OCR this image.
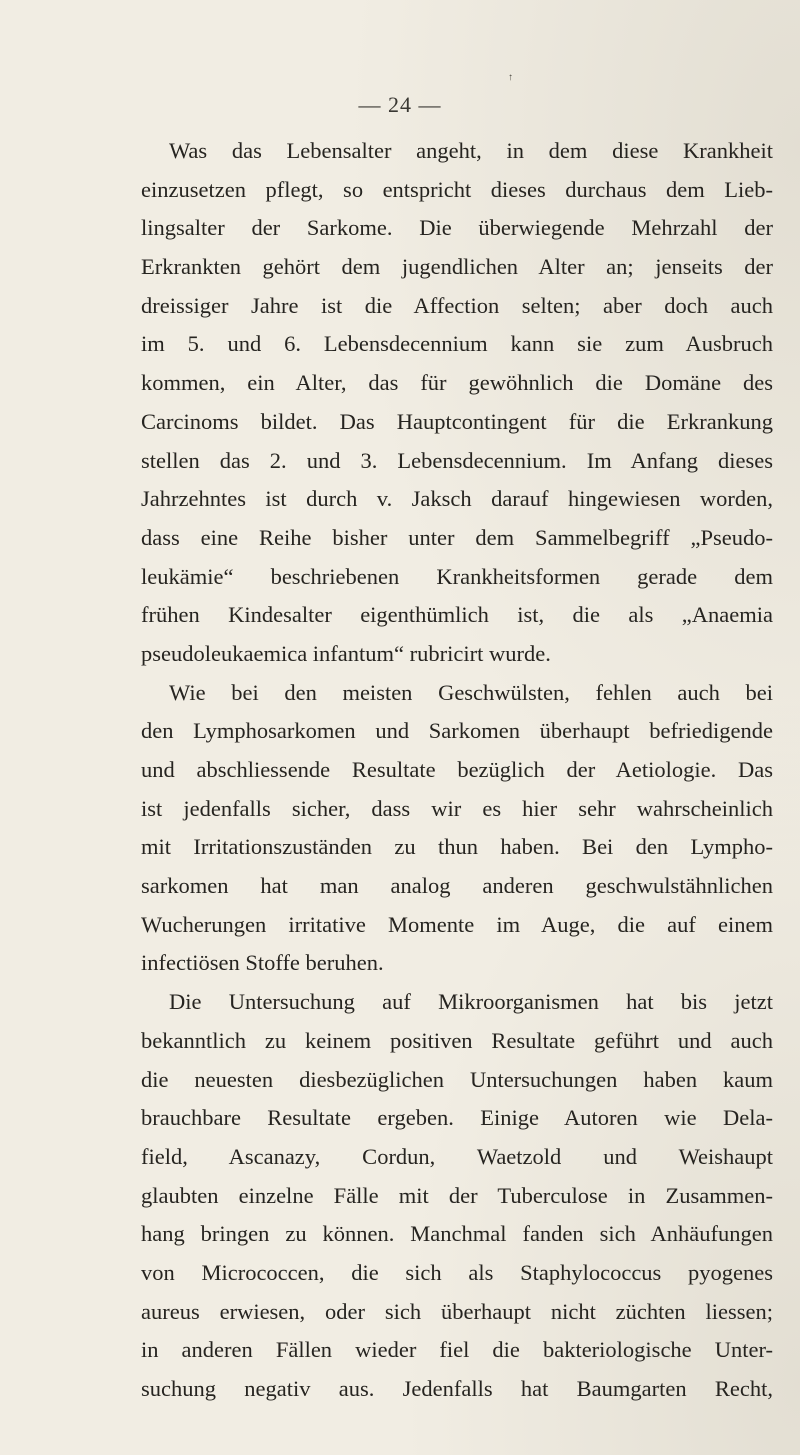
↑
— 24 —
Was das Lebensalter angeht, in dem diese Krankheit
einzusetzen pflegt, so entspricht dieses durchaus dem Lieb-
lingsalter der Sarkome. Die überwiegende Mehrzahl der
Erkrankten gehört dem jugendlichen Alter an; jenseits der
dreissiger Jahre ist die Affection selten; aber doch auch
im 5. und 6. Lebensdecennium kann sie zum Ausbruch
kommen, ein Alter, das für gewöhnlich die Domäne des
Carcinoms bildet. Das Hauptcontingent für die Erkrankung
stellen das 2. und 3. Lebensdecennium. Im Anfang dieses
Jahrzehntes ist durch v. Jaksch darauf hingewiesen worden,
dass eine Reihe bisher unter dem Sammelbegriff „Pseudo-
leukämie“ beschriebenen Krankheitsformen gerade dem
frühen Kindesalter eigenthümlich ist, die als „Anaemia
pseudoleukaemica infantum“ rubricirt wurde.
Wie bei den meisten Geschwülsten, fehlen auch bei
den Lymphosarkomen und Sarkomen überhaupt befriedigende
und abschliessende Resultate bezüglich der Aetiologie. Das
ist jedenfalls sicher, dass wir es hier sehr wahrscheinlich
mit Irritationszuständen zu thun haben. Bei den Lympho-
sarkomen hat man analog anderen geschwulstähnlichen
Wucherungen irritative Momente im Auge, die auf einem
infectiösen Stoffe beruhen.
Die Untersuchung auf Mikroorganismen hat bis jetzt
bekanntlich zu keinem positiven Resultate geführt und auch
die neuesten diesbezüglichen Untersuchungen haben kaum
brauchbare Resultate ergeben. Einige Autoren wie Dela-
field, Ascanazy, Cordun, Waetzold und Weishaupt
glaubten einzelne Fälle mit der Tuberculose in Zusammen-
hang bringen zu können. Manchmal fanden sich Anhäufungen
von Micrococcen, die sich als Staphylococcus pyogenes
aureus erwiesen, oder sich überhaupt nicht züchten liessen;
in anderen Fällen wieder fiel die bakteriologische Unter-
suchung negativ aus. Jedenfalls hat Baumgarten Recht,
